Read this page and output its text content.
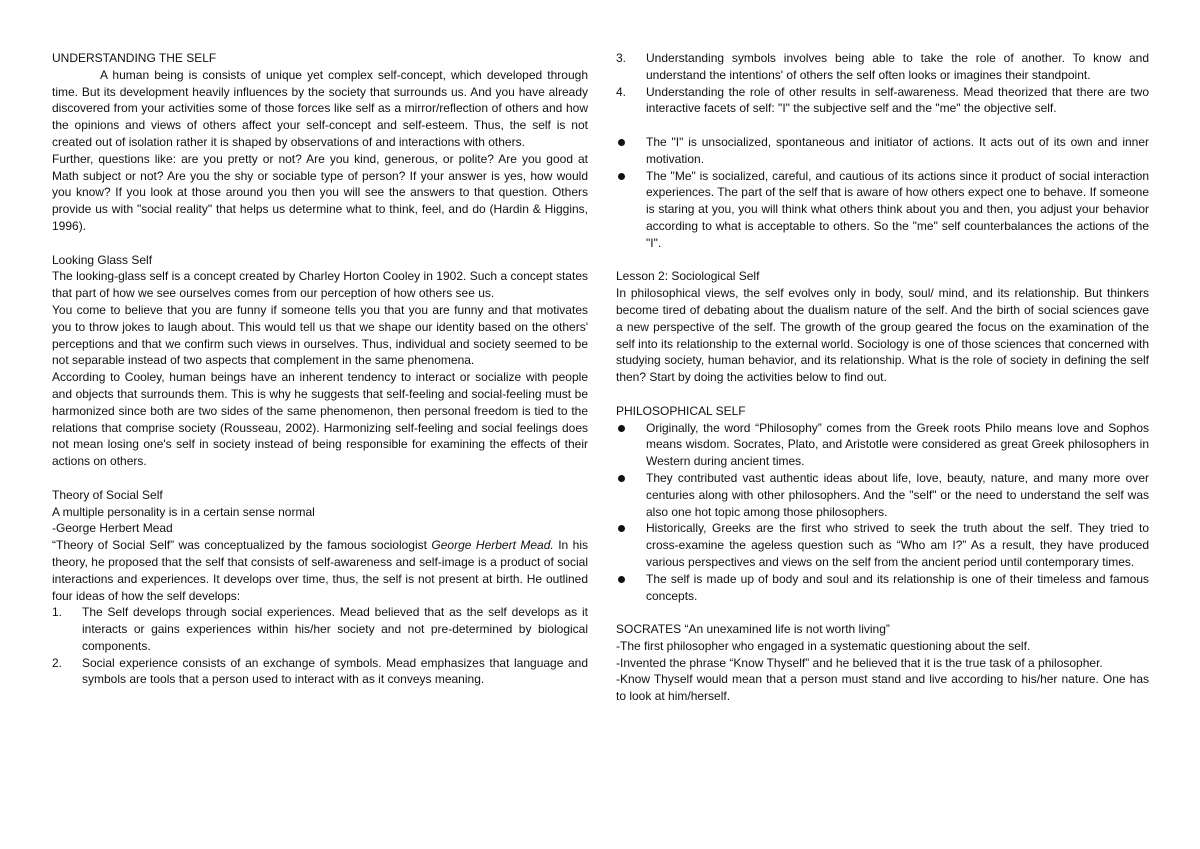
UNDERSTANDING THE SELF

A human being is consists of unique yet complex self-concept, which developed through time. But its development heavily influences by the society that surrounds us. And you have already discovered from your activities some of those forces like self as a mirror/reflection of others and how the opinions and views of others affect your self-concept and self-esteem. Thus, the self is not created out of isolation rather it is shaped by observations of and interactions with others.

Further, questions like: are you pretty or not? Are you kind, generous, or polite? Are you good at Math subject or not? Are you the shy or sociable type of person? If your answer is yes, how would you know? If you look at those around you then you will see the answers to that question. Others provide us with "social reality" that helps us determine what to think, feel, and do (Hardin & Higgins, 1996).

Looking Glass Self

The looking-glass self is a concept created by Charley Horton Cooley in 1902. Such a concept states that part of how we see ourselves comes from our perception of how others see us.

You come to believe that you are funny if someone tells you that you are funny and that motivates you to throw jokes to laugh about. This would tell us that we shape our identity based on the others' perceptions and that we confirm such views in ourselves. Thus, individual and society seemed to be not separable instead of two aspects that complement in the same phenomena.

According to Cooley, human beings have an inherent tendency to interact or socialize with people and objects that surrounds them. This is why he suggests that self-feeling and social-feeling must be harmonized since both are two sides of the same phenomenon, then personal freedom is tied to the relations that comprise society (Rousseau, 2002). Harmonizing self-feeling and social feelings does not mean losing one's self in society instead of being responsible for examining the effects of their actions on others.

Theory of Social Self

A multiple personality is in a certain sense normal

-George Herbert Mead

“Theory of Social Self” was conceptualized by the famous sociologist George Herbert Mead. In his theory, he proposed that the self that consists of self-awareness and self-image is a product of social interactions and experiences. It develops over time, thus, the self is not present at birth. He outlined four ideas of how the self develops:

1. The Self develops through social experiences. Mead believed that as the self develops as it interacts or gains experiences within his/her society and not pre-determined by biological components.
2. Social experience consists of an exchange of symbols. Mead emphasizes that language and symbols are tools that a person used to interact with as it conveys meaning.
3. Understanding symbols involves being able to take the role of another. To know and understand the intentions' of others the self often looks or imagines their standpoint.
4. Understanding the role of other results in self-awareness. Mead theorized that there are two interactive facets of self: "I" the subjective self and the "me" the objective self.
The "I" is unsocialized, spontaneous and initiator of actions. It acts out of its own and inner motivation.
The "Me" is socialized, careful, and cautious of its actions since it product of social interaction experiences. The part of the self that is aware of how others expect one to behave. If someone is staring at you, you will think what others think about you and then, you adjust your behavior according to what is acceptable to others. So the "me" self counterbalances the actions of the "I".

Lesson 2: Sociological Self

In philosophical views, the self evolves only in body, soul/ mind, and its relationship. But thinkers become tired of debating about the dualism nature of the self. And the birth of social sciences gave a new perspective of the self. The growth of the group geared the focus on the examination of the self into its relationship to the external world. Sociology is one of those sciences that concerned with studying society, human behavior, and its relationship. What is the role of society in defining the self then? Start by doing the activities below to find out.

PHILOSOPHICAL SELF

Originally, the word “Philosophy” comes from the Greek roots Philo means love and Sophos means wisdom. Socrates, Plato, and Aristotle were considered as great Greek philosophers in Western during ancient times.
They contributed vast authentic ideas about life, love, beauty, nature, and many more over centuries along with other philosophers. And the "self" or the need to understand the self was also one hot topic among those philosophers.
Historically, Greeks are the first who strived to seek the truth about the self. They tried to cross-examine the ageless question such as “Who am I?” As a result, they have produced various perspectives and views on the self from the ancient period until contemporary times.
The self is made up of body and soul and its relationship is one of their timeless and famous concepts.

SOCRATES “An unexamined life is not worth living”

-The first philosopher who engaged in a systematic questioning about the self.

-Invented the phrase “Know Thyself” and he believed that it is the true task of a philosopher.

-Know Thyself would mean that a person must stand and live according to his/her nature. One has to look at him/herself.
